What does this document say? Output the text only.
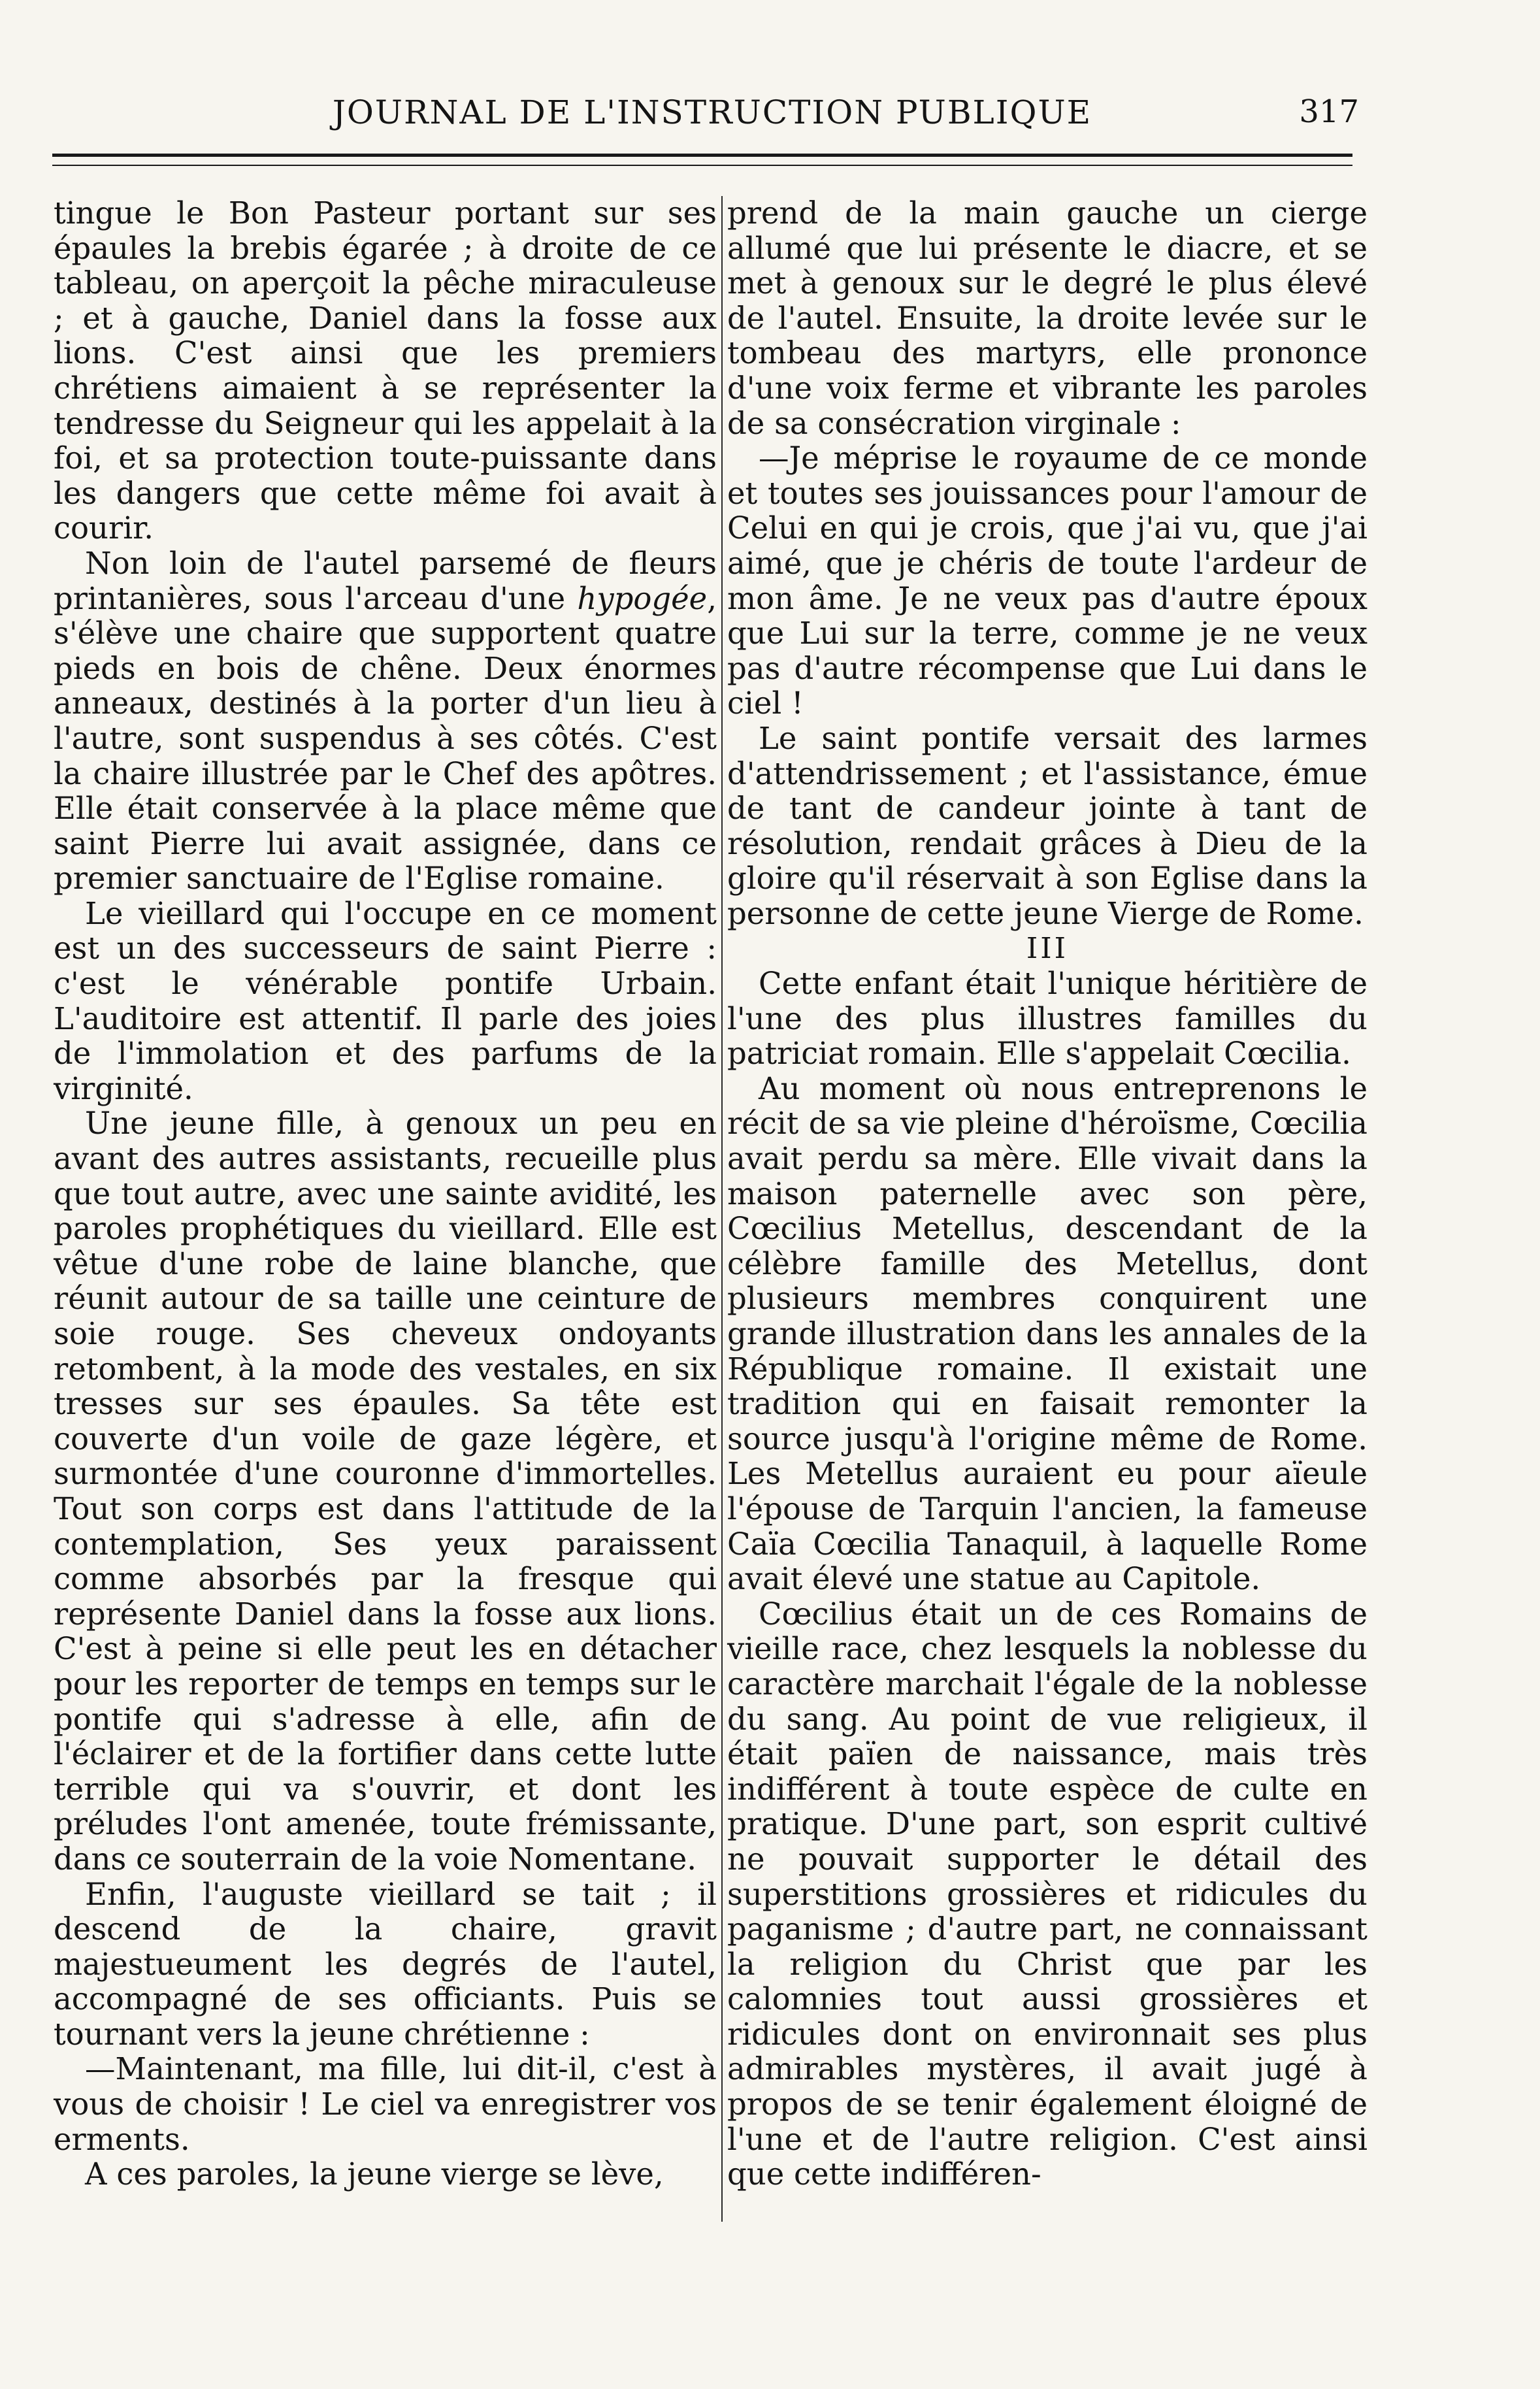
JOURNAL DE L'INSTRUCTION PUBLIQUE	317

tingue le Bon Pasteur portant sur ses épaules la brebis égarée ; à droite de ce tableau, on aperçoit la pêche miraculeuse ; et à gauche, Daniel dans la fosse aux lions. C'est ainsi que les premiers chrétiens aimaient à se représenter la tendresse du Seigneur qui les appelait à la foi, et sa protection toute-puissante dans les dangers que cette même foi avait à courir.

Non loin de l'autel parsemé de fleurs printanières, sous l'arceau d'une hypogée, s'élève une chaire que supportent quatre pieds en bois de chêne. Deux énormes anneaux, destinés à la porter d'un lieu à l'autre, sont suspendus à ses côtés. C'est la chaire illustrée par le Chef des apôtres. Elle était conservée à la place même que saint Pierre lui avait assignée, dans ce premier sanctuaire de l'Eglise romaine.

Le vieillard qui l'occupe en ce moment est un des successeurs de saint Pierre : c'est le vénérable pontife Urbain. L'auditoire est attentif. Il parle des joies de l'immolation et des parfums de la virginité.

Une jeune fille, à genoux un peu en avant des autres assistants, recueille plus que tout autre, avec une sainte avidité, les paroles prophétiques du vieillard. Elle est vêtue d'une robe de laine blanche, que réunit autour de sa taille une ceinture de soie rouge. Ses cheveux ondoyants retombent, à la mode des vestales, en six tresses sur ses épaules. Sa tête est couverte d'un voile de gaze légère, et surmontée d'une couronne d'immortelles. Tout son corps est dans l'attitude de la contemplation, Ses yeux paraissent comme absorbés par la fresque qui représente Daniel dans la fosse aux lions. C'est à peine si elle peut les en détacher pour les reporter de temps en temps sur le pontife qui s'adresse à elle, afin de l'éclairer et de la fortifier dans cette lutte terrible qui va s'ouvrir, et dont les préludes l'ont amenée, toute frémissante, dans ce souterrain de la voie Nomentane.

Enfin, l'auguste vieillard se tait ; il descend de la chaire, gravit majestueument les degrés de l'autel, accompagné de ses officiants. Puis se tournant vers la jeune chrétienne :

—Maintenant, ma fille, lui dit-il, c'est à vous de choisir ! Le ciel va enregistrer vos erments.

A ces paroles, la jeune vierge se lève,

prend de la main gauche un cierge allumé que lui présente le diacre, et se met à genoux sur le degré le plus élevé de l'autel. Ensuite, la droite levée sur le tombeau des martyrs, elle prononce d'une voix ferme et vibrante les paroles de sa consécration virginale :

—Je méprise le royaume de ce monde et toutes ses jouissances pour l'amour de Celui en qui je crois, que j'ai vu, que j'ai aimé, que je chéris de toute l'ardeur de mon âme. Je ne veux pas d'autre époux que Lui sur la terre, comme je ne veux pas d'autre récompense que Lui dans le ciel !

Le saint pontife versait des larmes d'attendrissement ; et l'assistance, émue de tant de candeur jointe à tant de résolution, rendait grâces à Dieu de la gloire qu'il réservait à son Eglise dans la personne de cette jeune Vierge de Rome.

III

Cette enfant était l'unique héritière de l'une des plus illustres familles du patriciat romain. Elle s'appelait Cœcilia.

Au moment où nous entreprenons le récit de sa vie pleine d'héroïsme, Cœcilia avait perdu sa mère. Elle vivait dans la maison paternelle avec son père, Cœcilius Metellus, descendant de la célèbre famille des Metellus, dont plusieurs membres conquirent une grande illustration dans les annales de la République romaine. Il existait une tradition qui en faisait remonter la source jusqu'à l'origine même de Rome. Les Metellus auraient eu pour aïeule l'épouse de Tarquin l'ancien, la fameuse Caïa Cœcilia Tanaquil, à laquelle Rome avait élevé une statue au Capitole.

Cœcilius était un de ces Romains de vieille race, chez lesquels la noblesse du caractère marchait l'égale de la noblesse du sang. Au point de vue religieux, il était païen de naissance, mais très indifférent à toute espèce de culte en pratique. D'une part, son esprit cultivé ne pouvait supporter le détail des superstitions grossières et ridicules du paganisme ; d'autre part, ne connaissant la religion du Christ que par les calomnies tout aussi grossières et ridicules dont on environnait ses plus admirables mystères, il avait jugé à propos de se tenir également éloigné de l'une et de l'autre religion. C'est ainsi que cette indifféren-
